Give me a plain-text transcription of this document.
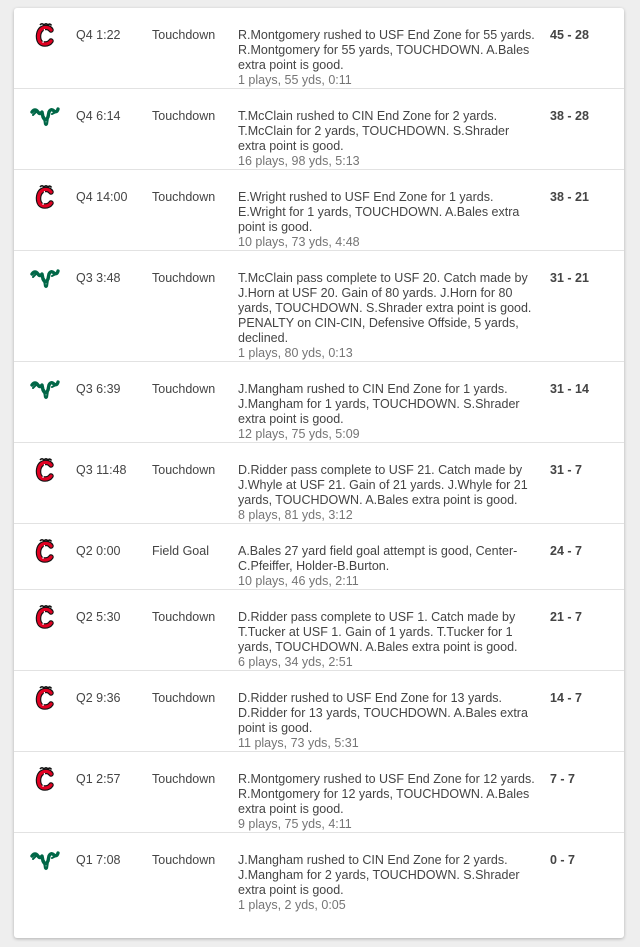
Q4 1:22	Touchdown R.Montgomery rushed to USF End Zone for 55 yards. R.Montgomery for 55 yards, TOUCHDOWN. A.Bales extra point is good.
1 plays, 55 yds, 0:11
45 - 28
Q4 6:14	Touchdown T.McClain rushed to CIN End Zone for 2 yards. T.McClain for 2 yards, TOUCHDOWN. S.Shrader extra point is good.
16 plays, 98 yds, 5:13
38 - 28
Q4 14:00 Touchdown E.Wright rushed to USF End Zone for 1 yards. E.Wright for 1 yards, TOUCHDOWN. A.Bales extra point is good.
10 plays, 73 yds, 4:48
38 - 21
Q3 3:48	Touchdown T.McClain pass complete to USF 20. Catch made by J.Horn at USF 20. Gain of 80 yards. J.Horn for 80 yards, TOUCHDOWN. S.Shrader extra point is good. PENALTY on CIN-CIN, Defensive Offside, 5 yards, declined.
1 plays, 80 yds, 0:13
31 - 21
Q3 6:39	Touchdown J.Mangham rushed to CIN End Zone for 1 yards. J.Mangham for 1 yards, TOUCHDOWN. S.Shrader extra point is good.
12 plays, 75 yds, 5:09
31 - 14
Q3 11:48 Touchdown D.Ridder pass complete to USF 21. Catch made by J.Whyle at USF 21. Gain of 21 yards. J.Whyle for 21 yards, TOUCHDOWN. A.Bales extra point is good.
8 plays, 81 yds, 3:12
31 - 7
Q2 0:00	Field Goal A.Bales 27 yard field goal attempt is good, Center-C.Pfeiffer, Holder-B.Burton.
10 plays, 46 yds, 2:11
24 - 7
Q2 5:30	Touchdown D.Ridder pass complete to USF 1. Catch made by T.Tucker at USF 1. Gain of 1 yards. T.Tucker for 1 yards, TOUCHDOWN. A.Bales extra point is good.
6 plays, 34 yds, 2:51
21 - 7
Q2 9:36	Touchdown D.Ridder rushed to USF End Zone for 13 yards. D.Ridder for 13 yards, TOUCHDOWN. A.Bales extra point is good.
11 plays, 73 yds, 5:31
14 - 7
Q1 2:57	Touchdown R.Montgomery rushed to USF End Zone for 12 yards. R.Montgomery for 12 yards, TOUCHDOWN. A.Bales extra point is good.
9 plays, 75 yds, 4:11
7 - 7
Q1 7:08	Touchdown J.Mangham rushed to CIN End Zone for 2 yards. J.Mangham for 2 yards, TOUCHDOWN. S.Shrader extra point is good.
1 plays, 2 yds, 0:05
0 - 7
